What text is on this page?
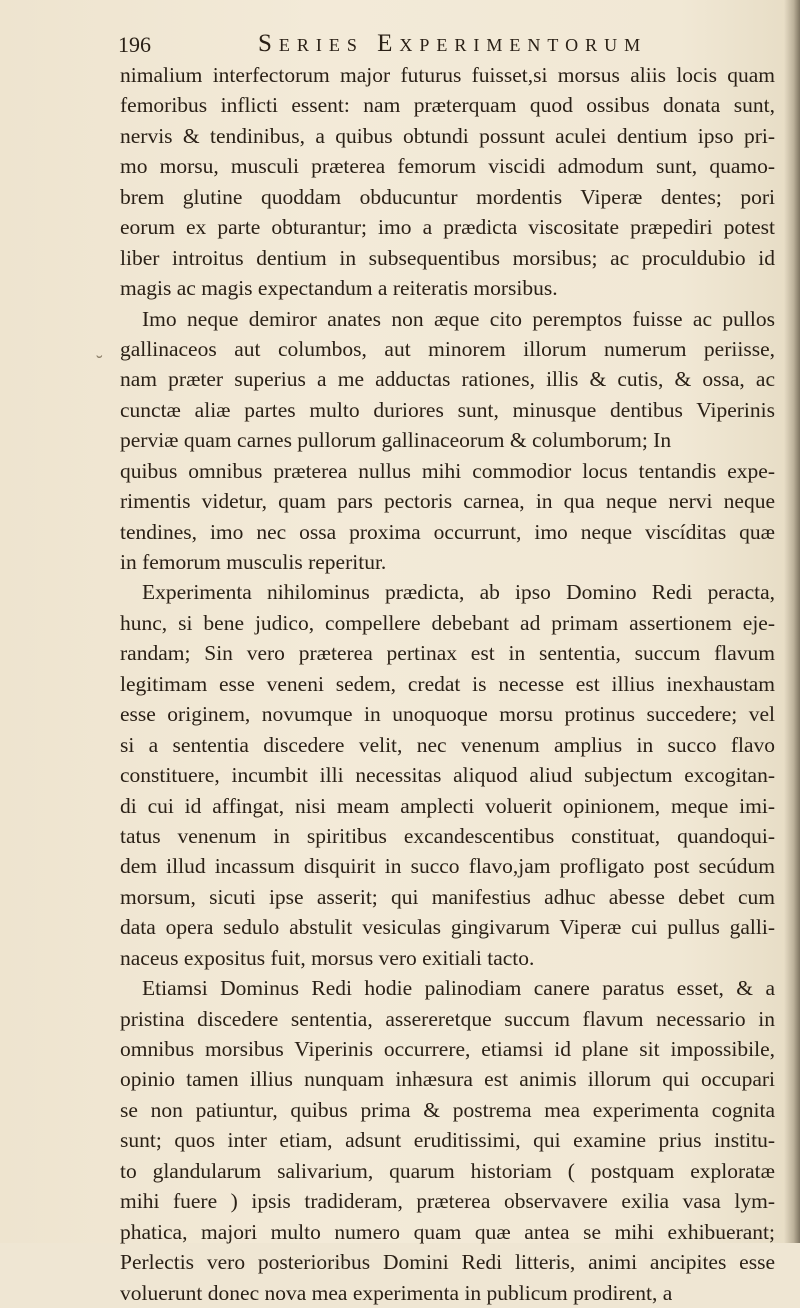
196	Series Experimentorum
˘
nimalium interfectorum major futurus fuisset,si morsus aliis locis quam
femoribus inflicti essent: nam præterquam quod ossibus donata sunt,
nervis & tendinibus, a quibus obtundi possunt aculei dentium ipso pri-
mo morsu, musculi præterea femorum viscidi admodum sunt, quamo-
brem glutine quoddam obducuntur mordentis Viperæ dentes; pori
eorum ex parte obturantur; imo a prædicta viscositate præpediri potest
liber introitus dentium in subsequentibus morsibus; ac proculdubio id
magis ac magis expectandum a reiteratis morsibus.
Imo neque demiror anates non æque cito peremptos fuisse ac pullos
gallinaceos aut columbos, aut minorem illorum numerum periisse,
nam præter superius a me adductas rationes, illis & cutis, & ossa, ac
cunctæ aliæ partes multo duriores sunt, minusque dentibus Viperinis
perviæ quam carnes pullorum gallinaceorum & columborum; In
quibus omnibus præterea nullus mihi commodior locus tentandis expe-
rimentis videtur, quam pars pectoris carnea, in qua neque nervi neque
tendines, imo nec ossa proxima occurrunt, imo neque viscíditas quæ
in femorum musculis reperitur.
Experimenta nihilominus prædicta, ab ipso Domino Redi peracta,
hunc, si bene judico, compellere debebant ad primam assertionem eje-
randam; Sin vero præterea pertinax est in sententia, succum flavum
legitimam esse veneni sedem, credat is necesse est illius inexhaustam
esse originem, novumque in unoquoque morsu protinus succedere; vel
si a sententia discedere velit, nec venenum amplius in succo flavo
constituere, incumbit illi necessitas aliquod aliud subjectum excogitan-
di cui id affingat, nisi meam amplecti voluerit opinionem, meque imi-
tatus venenum in spiritibus excandescentibus constituat, quandoqui-
dem illud incassum disquirit in succo flavo,jam profligato post secúdum
morsum, sicuti ipse asserit; qui manifestius adhuc abesse debet cum
data opera sedulo abstulit vesiculas gingivarum Viperæ cui pullus galli-
naceus expositus fuit, morsus vero exitiali tacto.
Etiamsi Dominus Redi hodie palinodiam canere paratus esset, & a
pristina discedere sententia, assereretque succum flavum necessario in
omnibus morsibus Viperinis occurrere, etiamsi id plane sit impossibile,
opinio tamen illius nunquam inhæsura est animis illorum qui occupari
se non patiuntur, quibus prima & postrema mea experimenta cognita
sunt; quos inter etiam, adsunt eruditissimi, qui examine prius institu-
to glandularum salivarium, quarum historiam ( postquam exploratæ
mihi fuere ) ipsis tradideram, præterea observavere exilia vasa lym-
phatica, majori multo numero quam quæ antea se mihi exhibuerant;
Perlectis vero posterioribus Domini Redi litteris, animi ancipites esse
voluerunt donec nova mea experimenta in publicum prodirent, a
